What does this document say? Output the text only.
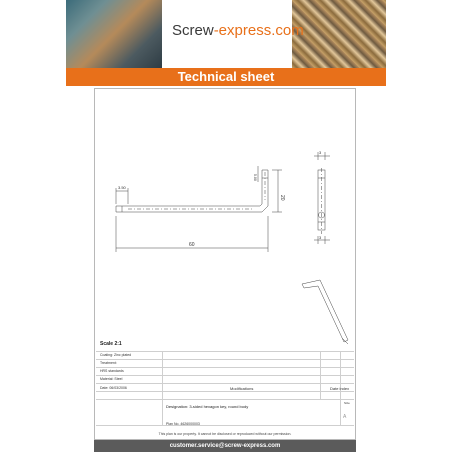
Screw-express.com
Technical sheet
3.50
60
20
5.00
3
3
Scale 2:1
Coating: Zinc plated
Treatment:
HRS standards
Material: Steel
Date: 06/03/2006	Modifications	Date index
Designation: 3-sided hexagon key, round body
Plan No. 4626000003
Size
A
This plan is our property. It cannot be disclosed or reproduced without our permission.
customer.service@screw-express.com
